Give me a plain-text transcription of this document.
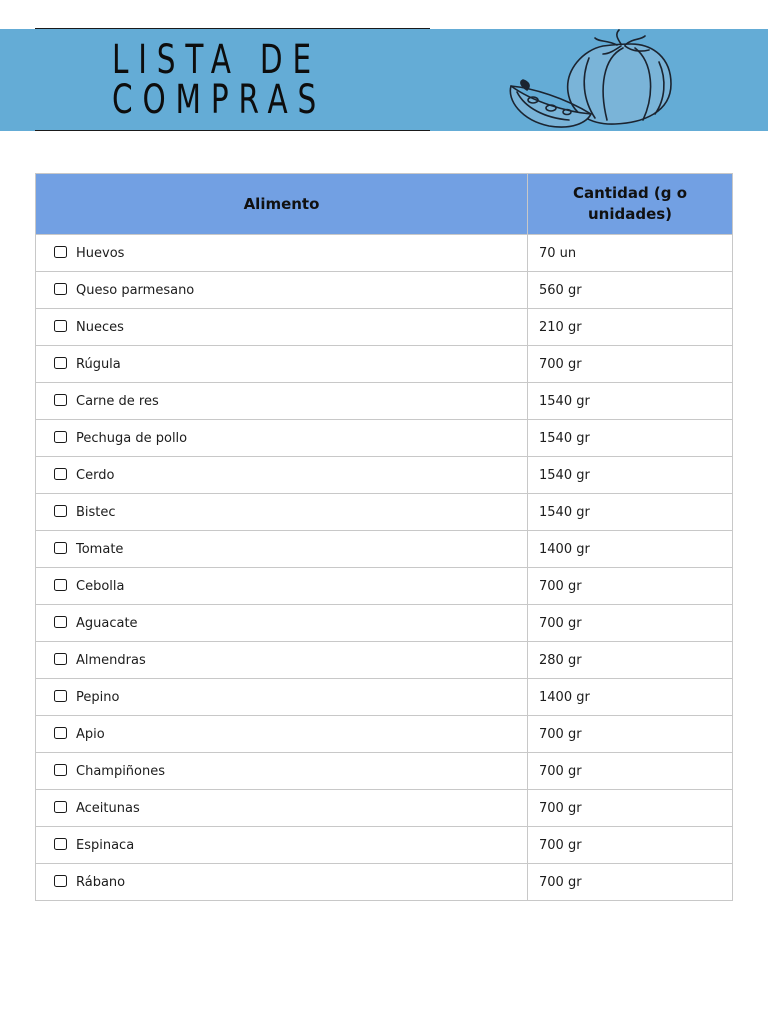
LISTA DE
COMPRAS
Alimento	Cantidad (g o unidades)
Huevos	70 un
Queso parmesano	560 gr
Nueces	210 gr
Rúgula	700 gr
Carne de res	1540 gr
Pechuga de pollo	1540 gr
Cerdo	1540 gr
Bistec	1540 gr
Tomate	1400 gr
Cebolla	700 gr
Aguacate	700 gr
Almendras	280 gr
Pepino	1400 gr
Apio	700 gr
Champiñones	700 gr
Aceitunas	700 gr
Espinaca	700 gr
Rábano	700 gr
